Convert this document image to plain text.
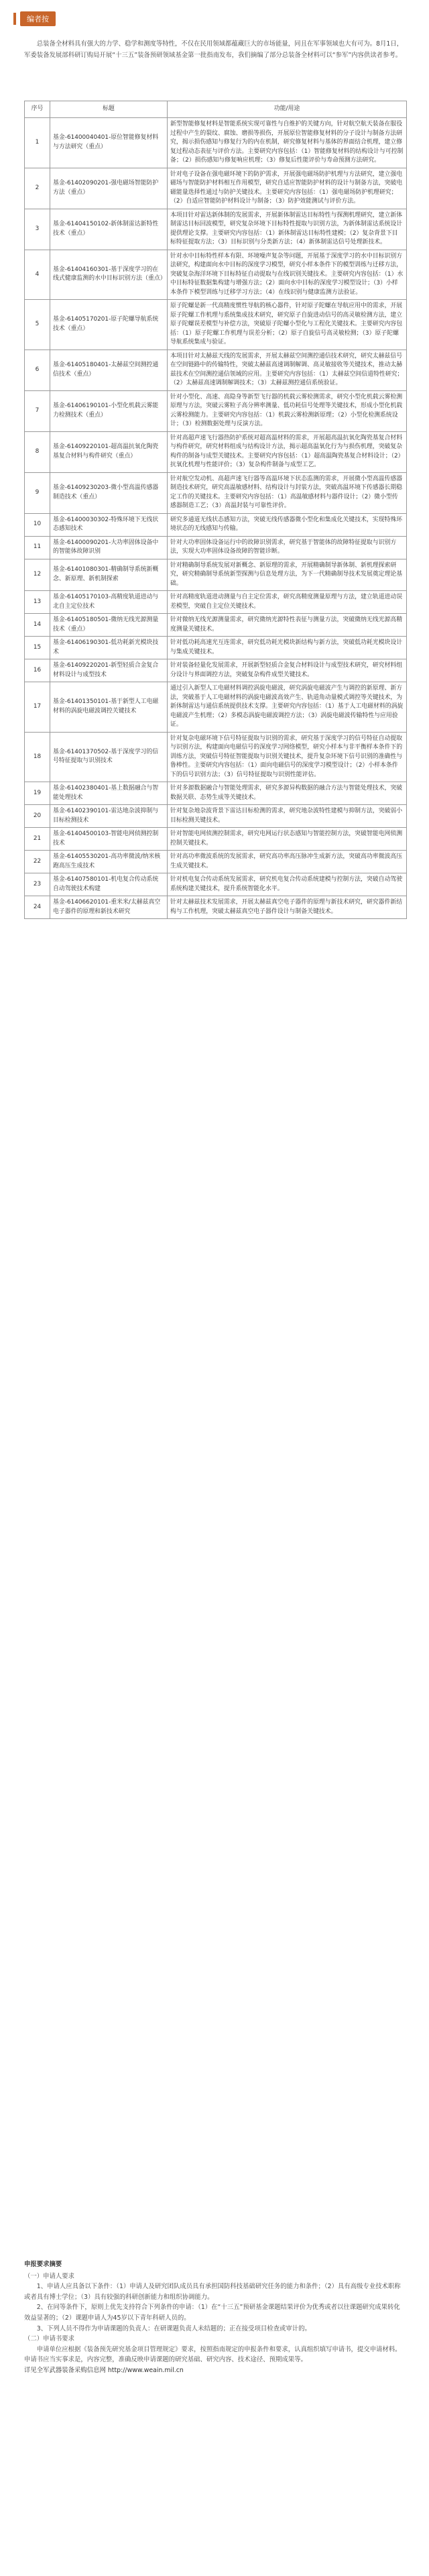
编者按

总装备全材料具有强大的力学、稳学和测度等特性，不仅在民用领域都蕴藏巨大的市场能量，同且在军事领域也大有可为。8月1日，军委装备发展部科研订购局开展“十三五”装备预研领域基金第一批指南发布，我们摘编了部分总装备全材料可以“参军”内容供读者参考。

序号	标题	功能/用途
1	基金-61400040401-原位智能修复材料与方法研究（重点）	新型智能修复材料是智能系统实现可靠性与自维护的关键方向，针对航空航天装备在服役过程中产生的裂纹、腐蚀、磨损等损伤，开展原位智能修复材料的分子设计与制备方法研究，揭示损伤感知与修复行为的内在机制，研究修复材料与基体的界面结合机理，建立修复过程动态表征与评价方法。主要研究内容包括：（1）智能修复材料的结构设计与可控制备；（2）损伤感知与修复响应机理；（3）修复后性能评价与寿命预测方法研究。
2	基金-61402090201-强电磁场智能防护方法（重点）	针对电子设备在强电磁环境下的防护需求，开展强电磁场防护机理与方法研究，建立强电磁场与智能防护材料相互作用模型，研究自适应智能防护材料的设计与制备方法，突破电磁能量选择性通过与防护关键技术。主要研究内容包括：（1）强电磁场防护机理研究；（2）自适应智能防护材料设计与制备；（3）防护效能测试与评价方法。
3	基金-61404150102-新体制雷达新特性技术（重点）	本项目针对雷达新体制的发展需求，开展新体制雷达目标特性与探测机理研究，建立新体制雷达目标回波模型，研究复杂环境下目标特性提取与识别方法，为新体制雷达系统设计提供理论支撑。主要研究内容包括：（1）新体制雷达目标特性建模；（2）复杂背景下目标特征提取方法；（3）目标识别与分类新方法；（4）新体制雷达信号处理新技术。
4	基金-61404160301-基于深度学习的在线式健康监测的水中目标识别方法（重点）	针对水中目标特性样本有限、环境噪声复杂等问题，开展基于深度学习的水中目标识别方法研究，构建面向水中目标的深度学习模型，研究小样本条件下的模型训练与迁移方法，突破复杂海洋环境下目标特征自动提取与在线识别关键技术。主要研究内容包括：（1）水中目标特征数据集构建与增强方法；（2）面向水中目标的深度学习模型设计；（3）小样本条件下模型训练与迁移学习方法；（4）在线识别与健康监测方法验证。
5	基金-61405170201-原子陀螺导航系统技术（重点）	原子陀螺是新一代高精度惯性导航的核心器件，针对原子陀螺在导航应用中的需求，开展原子陀螺工作机理与系统集成技术研究，研究原子自旋进动信号的高灵敏检测方法，建立原子陀螺误差模型与补偿方法，突破原子陀螺小型化与工程化关键技术。主要研究内容包括：（1）原子陀螺工作机理与误差分析；（2）原子自旋信号高灵敏检测；（3）原子陀螺导航系统集成与验证。
6	基金-61405180401-太赫兹空间测控通信技术（重点）	本项目针对太赫兹天线的发展需求，开展太赫兹空间测控通信技术研究，研究太赫兹信号在空间链路中的传输特性，突破太赫兹高速调制解调、高灵敏接收等关键技术，推动太赫兹技术在空间测控通信领域的应用。主要研究内容包括：（1）太赫兹空间信道特性研究；（2）太赫兹高速调制解调技术；（3）太赫兹测控通信系统验证。
7	基金-61406190101-小型化机载云雾能力检测技术（重点）	针对小型化、高速、高隐身等新型飞行器的机载云雾检测需求，研究小型化机载云雾检测原理与方法，突破云雾粒子高分辨率测量、低功耗信号处理等关键技术，形成小型化机载云雾检测能力。主要研究内容包括：（1）机载云雾检测新原理；（2）小型化检测系统设计；（3）检测数据处理与反演方法。
8	基金-61409220101-超高温抗氧化陶瓷基复合材料与构件研究（重点）	针对高超声速飞行器热防护系统对超高温材料的需求，开展超高温抗氧化陶瓷基复合材料与构件研究，研究材料组成与结构设计方法，揭示超高温氧化行为与损伤机理，突破复杂构件的制备与成型关键技术。主要研究内容包括：（1）超高温陶瓷基复合材料设计；（2）抗氧化机理与性能评价；（3）复杂构件制备与成型工艺。
9	基金-61409230203-微小型高温传感器制造技术（重点）	针对航空发动机、高超声速飞行器等高温环境下状态监测的需求，开展微小型高温传感器制造技术研究，研究高温敏感材料、结构设计与封装方法，突破高温环境下传感器长期稳定工作的关键技术。主要研究内容包括：（1）高温敏感材料与器件设计；（2）微小型传感器制造工艺；（3）高温封装与可靠性评价。
10	基金-61400030302-特殊环境下无线状态感知技术	研究多通道无线状态感知方法，突破无线传感器微小型化和集成化关键技术，实现特殊环境状态的无线感知与传输。
11	基金-61400090201-大功率固体设备中的智能体故障识别	针对大功率固体设备运行中的故障识别需求，研究基于智能体的故障特征提取与识别方法，实现大功率固体设备故障的智能诊断。
12	基金-61401080301-精确制导系统新概念、新原理、新机制探索	针对精确制导系统发展对新概念、新原理的需求，开展精确制导新体制、新机理探索研究，研究精确制导系统新型探测与信息处理方法，为下一代精确制导技术发展奠定理论基础。
13	基金-61405170103-高精度轨道进动与北自主定位技术	针对高精度轨道进动测量与自主定位需求，研究高精度测量原理与方法，建立轨道进动误差模型，突破自主定位关键技术。
14	基金-61405180501-微纳无线光源测量技术（重点）	针对微纳无线光源测量需求，研究微纳光源特性表征与测量方法，突破微纳无线光源高精度测量关键技术。
15	基金-61406190301-低功耗新光模块技术	针对低功耗高速光互连需求，研究低功耗光模块新结构与新方法，突破低功耗光模块设计与集成关键技术。
16	基金-61409220201-新型轻质合金复合材料设计与成型技术	针对装备轻量化发展需求，开展新型轻质合金复合材料设计与成型技术研究，研究材料组分设计与界面调控方法，突破复杂构件成型关键技术。
17	基金-61401350101-基于新型人工电磁材料的涡旋电磁波调控关键技术	通过引入新型人工电磁材料调控涡旋电磁波，研究涡旋电磁波产生与调控的新原理、新方法，突破基于人工电磁材料的涡旋电磁波高效产生、轨道角动量模式调控等关键技术，为新体制雷达与通信系统提供技术支撑。主要研究内容包括：（1）基于人工电磁材料的涡旋电磁波产生机理；（2）多模态涡旋电磁波调控方法；（3）涡旋电磁波传输特性与应用验证。
18	基金-61401370502-基于深度学习的信号特征提取与识别技术	针对复杂电磁环境下信号特征提取与识别的需求，研究基于深度学习的信号特征自动提取与识别方法，构建面向电磁信号的深度学习网络模型，研究小样本与非平衡样本条件下的训练方法，突破信号特征智能提取与识别关键技术，提升复杂环境下信号识别的准确性与鲁棒性。主要研究内容包括：（1）面向电磁信号的深度学习模型设计；（2）小样本条件下的信号识别方法；（3）信号特征提取与识别性能评估。
19	基金-61402380401-基上数据融合与智能处理技术	针对多源数据融合与智能处理需求，研究多源异构数据的融合方法与智能处理技术，突破数据关联、态势生成等关键技术。
20	基金-61402390101-雷达地杂波抑制与目标检测技术	针对复杂地杂波背景下雷达目标检测的需求，研究地杂波特性建模与抑制方法，突破弱小目标检测关键技术。
21	基金-61404500103-智能电网侦测控制技术	针对智能电网侦测控制需求，研究电网运行状态感知与智能控制方法，突破智能电网侦测控制关键技术。
22	基金-61405530201-高功率微波/纳米核跑高压生成技术	针对高功率微波系统的发展需求，研究高功率高压脉冲生成新方法，突破高功率微波高压生成关键技术。
23	基金-61407580101-机电复合传动系统自动驾驶技术构建	针对机电复合传动系统发展需求，研究机电复合传动系统建模与控制方法，突破自动驾驶系统构建关键技术，提升系统智能化水平。
24	基金-61406620101-重米米/太赫兹真空电子器件的原理和新技术研究	针对太赫兹技术发展需求，开展太赫兹真空电子器件的原理与新技术研究，研究器件新结构与工作机理，突破太赫兹真空电子器件设计与制备关键技术。

申报要求摘要

（一）申请人要求

1、申请人应具备以下条件：（1）申请人及研究团队成员具有承担国防科技基础研究任务的能力和条件；（2）具有高级专业技术职称或者具有博士学位；（3）具有较强的科研创新能力和组织协调能力。

2、在同等条件下，原则上优先支持符合下列条件的申请：（1）在“十三五”预研基金课题结果评价为优秀或者以往课题研究成果转化效益显著的；（2）课题申请人为45岁以下青年科研人员的。

3、下列人员不得作为申请课题的负责人：在研课题负责人未结题的；正在接受项目检查或审计的。

（二）申请书要求

申请单位应根据《装备预先研究基金项目管理规定》要求，按照指南规定的申报条件和要求，认真组织填写申请书，提交申请材料。申请书应当实事求是，内容完整，准确反映申请课题的研究基础、研究内容、技术途径、预期成果等。

详见全军武器装备采购信息网 http://www.weain.mil.cn
